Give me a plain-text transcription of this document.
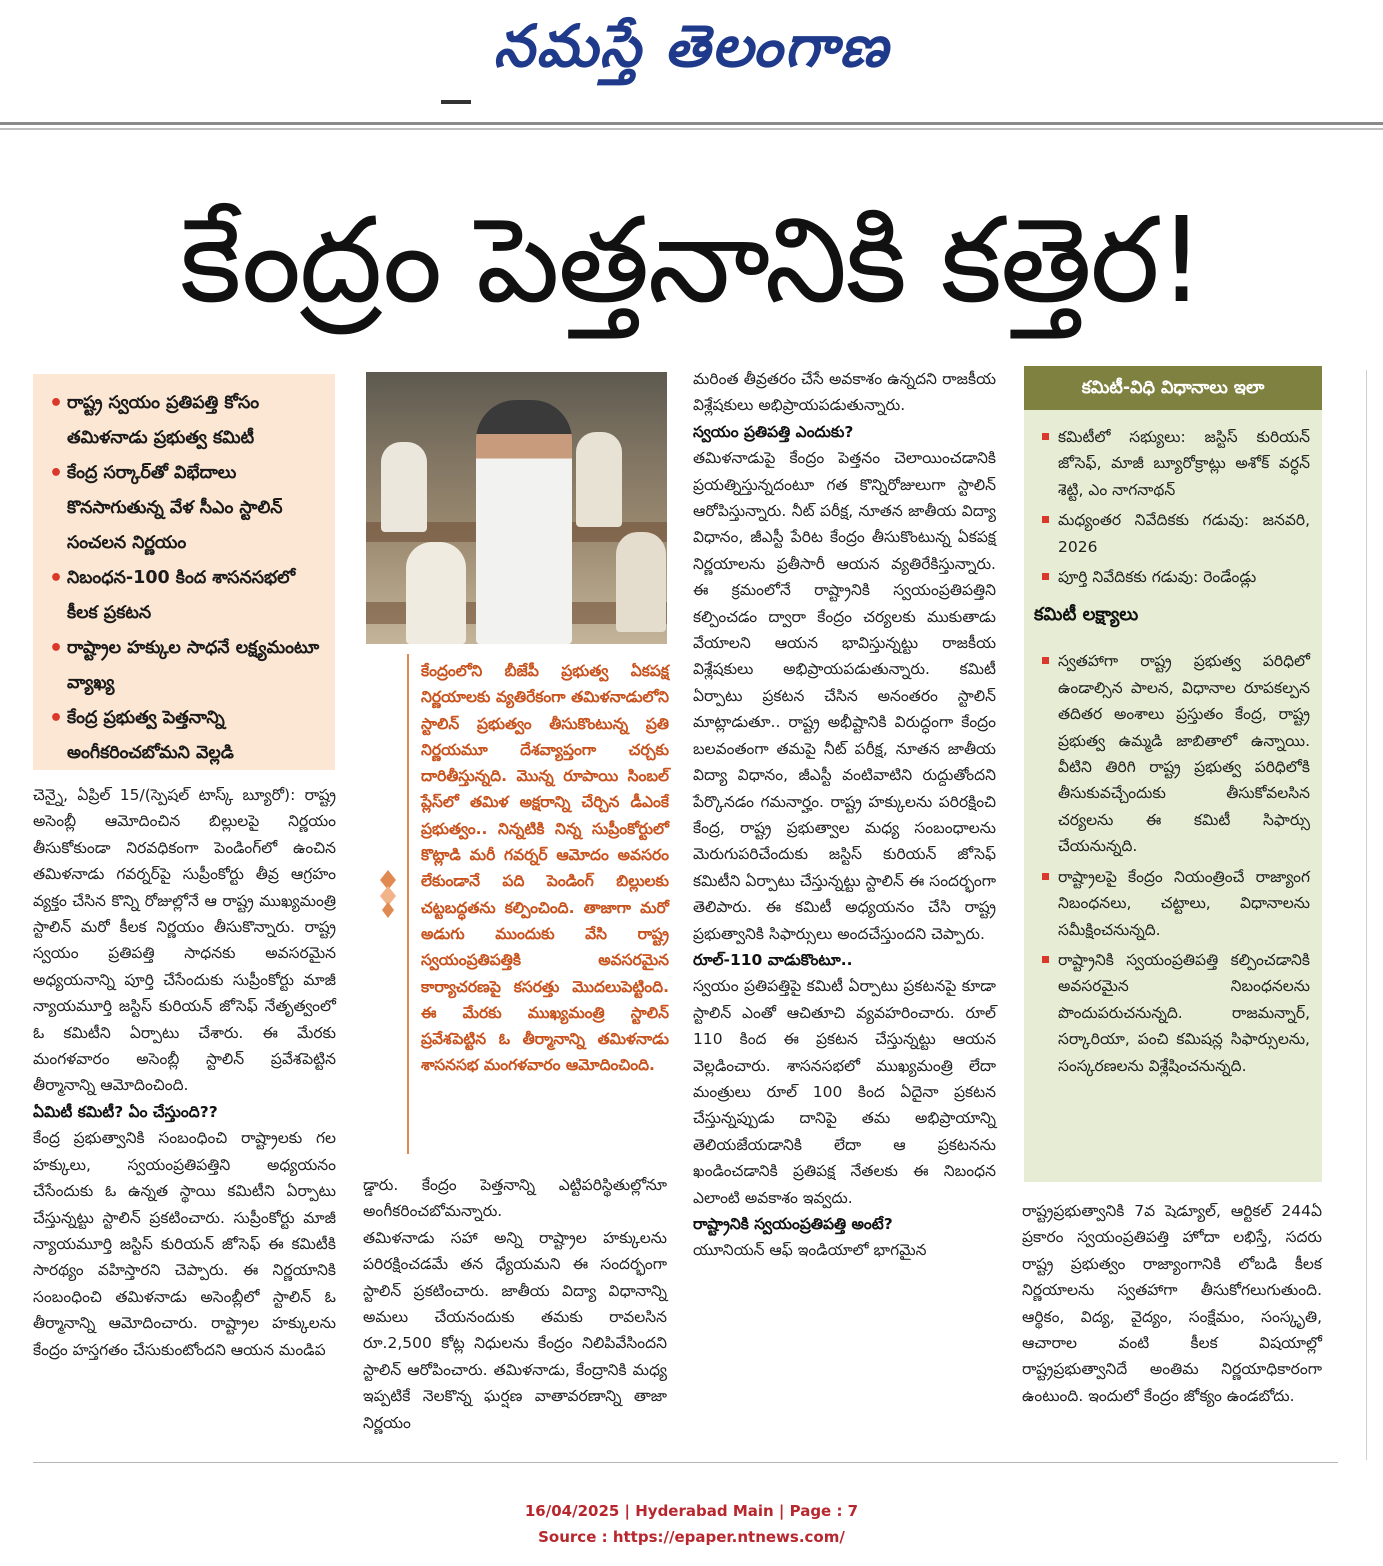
నమస్తే తెలంగాణ
కేంద్రం పెత్తనానికి కత్తెర!
• రాష్ట్ర స్వయం ప్రతిపత్తి కోసం తమిళనాడు ప్రభుత్వ కమిటీ
• కేంద్ర సర్కార్‌తో విభేదాలు కొనసాగుతున్న వేళ సీఎం స్టాలిన్ సంచలన నిర్ణయం
• నిబంధన-100 కింద శాసనసభలో కీలక ప్రకటన
• రాష్ట్రాల హక్కుల సాధనే లక్ష్యమంటూ వ్యాఖ్య
• కేంద్ర ప్రభుత్వ పెత్తనాన్ని అంగీకరించబోమని వెల్లడి

చెన్నై, ఏప్రిల్ 15/(స్పెషల్ టాస్క్ బ్యూరో): రాష్ట్ర అసెంబ్లీ ఆమోదించిన బిల్లులపై నిర్ణయం తీసుకోకుండా నిరవధికంగా పెండింగ్‌లో ఉంచిన తమిళనాడు గవర్నర్‌పై సుప్రీంకోర్టు తీవ్ర ఆగ్రహం వ్యక్తం చేసిన కొన్ని రోజుల్లోనే ఆ రాష్ట్ర ముఖ్యమంత్రి స్టాలిన్ మరో కీలక నిర్ణయం తీసుకొన్నారు. రాష్ట్ర స్వయం ప్రతిపత్తి సాధనకు అవసరమైన అధ్యయనాన్ని పూర్తి చేసేందుకు సుప్రీంకోర్టు మాజీ న్యాయమూర్తి జస్టిస్ కురియన్ జోసెఫ్ నేతృత్వంలో ఓ కమిటీని ఏర్పాటు చేశారు. ఈ మేరకు మంగళవారం అసెంబ్లీ స్టాలిన్ ప్రవేశపెట్టిన తీర్మానాన్ని ఆమోదించింది.

ఏమిటీ కమిటీ? ఏం చేస్తుంది??

కేంద్ర ప్రభుత్వానికి సంబంధించి రాష్ట్రాలకు గల హక్కులు, స్వయంప్రతిపత్తిని అధ్యయనం చేసేందుకు ఓ ఉన్నత స్థాయి కమిటీని ఏర్పాటు చేస్తున్నట్టు స్టాలిన్ ప్రకటించారు. సుప్రీంకోర్టు మాజీ న్యాయమూర్తి జస్టిస్ కురియన్ జోసెఫ్ ఈ కమిటీకి సారథ్యం వహిస్తారని చెప్పారు. ఈ నిర్ణయానికి సంబంధించి తమిళనాడు అసెంబ్లీలో స్టాలిన్ ఓ తీర్మానాన్ని ఆమోదించారు. రాష్ట్రాల హక్కులను కేంద్రం హస్తగతం చేసుకుంటోందని ఆయన మండిప

కేంద్రంలోని బీజేపీ ప్రభుత్వ ఏకపక్ష నిర్ణయాలకు వ్యతిరేకంగా తమిళనాడులోని స్టాలిన్ ప్రభుత్వం తీసుకొంటున్న ప్రతి నిర్ణయమూ దేశవ్యాప్తంగా చర్చకు దారితీస్తున్నది. మొన్న రూపాయి సింబల్ ప్లేస్‌లో తమిళ అక్షరాన్ని చేర్చిన డీఎంకే ప్రభుత్వం.. నిన్నటికి నిన్న సుప్రీంకోర్టులో కొట్లాడి మరీ గవర్నర్ ఆమోదం అవసరం లేకుండానే పది పెండింగ్ బిల్లులకు చట్టబద్ధతను కల్పించింది. తాజాగా మరో అడుగు ముందుకు వేసి రాష్ట్ర స్వయంప్రతిపత్తికి అవసరమైన కార్యాచరణపై కసరత్తు మొదలుపెట్టింది. ఈ మేరకు ముఖ్యమంత్రి స్టాలిన్ ప్రవేశపెట్టిన ఓ తీర్మానాన్ని తమిళనాడు శాసనసభ మంగళవారం ఆమోదించింది.

డ్డారు. కేంద్రం పెత్తనాన్ని ఎట్టిపరిస్థితుల్లోనూ అంగీకరించబోమన్నారు.

తమిళనాడు సహా అన్ని రాష్ట్రాల హక్కులను పరిరక్షించడమే తన ధ్యేయమని ఈ సందర్భంగా స్టాలిన్ ప్రకటించారు. జాతీయ విద్యా విధానాన్ని అమలు చేయనందుకు తమకు రావలసిన రూ.2,500 కోట్ల నిధులను కేంద్రం నిలిపివేసిందని స్టాలిన్ ఆరోపించారు. తమిళనాడు, కేంద్రానికి మధ్య ఇప్పటికే నెలకొన్న ఘర్షణ వాతావరణాన్ని తాజా నిర్ణయం

మరింత తీవ్రతరం చేసే అవకాశం ఉన్నదని రాజకీయ విశ్లేషకులు అభిప్రాయపడుతున్నారు.

స్వయం ప్రతిపత్తి ఎందుకు?

తమిళనాడుపై కేంద్రం పెత్తనం చెలాయించడానికి ప్రయత్నిస్తున్నదంటూ గత కొన్నిరోజులుగా స్టాలిన్ ఆరోపిస్తున్నారు. నీట్ పరీక్ష, నూతన జాతీయ విద్యా విధానం, జీఎస్టీ పేరిట కేంద్రం తీసుకొంటున్న ఏకపక్ష నిర్ణయాలను ప్రతీసారీ ఆయన వ్యతిరేకిస్తున్నారు. ఈ క్రమంలోనే రాష్ట్రానికి స్వయంప్రతిపత్తిని కల్పించడం ద్వారా కేంద్రం చర్యలకు ముకుతాడు వేయాలని ఆయన భావిస్తున్నట్టు రాజకీయ విశ్లేషకులు అభిప్రాయపడుతున్నారు. కమిటీ ఏర్పాటు ప్రకటన చేసిన అనంతరం స్టాలిన్ మాట్లాడుతూ.. రాష్ట్ర అభీష్టానికి విరుద్ధంగా కేంద్రం బలవంతంగా తమపై నీట్ పరీక్ష, నూతన జాతీయ విద్యా విధానం, జీఎస్టీ వంటివాటిని రుద్దుతోందని పేర్కొనడం గమనార్హం. రాష్ట్ర హక్కులను పరిరక్షించి కేంద్ర, రాష్ట్ర ప్రభుత్వాల మధ్య సంబంధాలను మెరుగుపరిచేందుకు జస్టిస్ కురియన్ జోసెఫ్ కమిటీని ఏర్పాటు చేస్తున్నట్టు స్టాలిన్ ఈ సందర్భంగా తెలిపారు. ఈ కమిటీ అధ్యయనం చేసి రాష్ట్ర ప్రభుత్వానికి సిఫార్సులు అందచేస్తుందని చెప్పారు.

రూల్-110 వాడుకొంటూ..

స్వయం ప్రతిపత్తిపై కమిటీ ఏర్పాటు ప్రకటనపై కూడా స్టాలిన్ ఎంతో ఆచితూచి వ్యవహరించారు. రూల్ 110 కింద ఈ ప్రకటన చేస్తున్నట్టు ఆయన వెల్లడించారు. శాసనసభలో ముఖ్యమంత్రి లేదా మంత్రులు రూల్ 100 కింద ఏదైనా ప్రకటన చేస్తున్నప్పుడు దానిపై తమ అభిప్రాయాన్ని తెలియజేయడానికి లేదా ఆ ప్రకటనను ఖండించడానికి ప్రతిపక్ష నేతలకు ఈ నిబంధన ఎలాంటి అవకాశం ఇవ్వదు.

రాష్ట్రానికి స్వయంప్రతిపత్తి అంటే?

యూనియన్ ఆఫ్ ఇండియాలో భాగమైన

కమిటీ-విధి విధానాలు ఇలా
కమిటీలో సభ్యులు: జస్టిస్ కురియన్ జోసెఫ్, మాజీ బ్యూరోక్రాట్లు అశోక్ వర్ధన్ శెట్టి, ఎం నాగనాథన్
మధ్యంతర నివేదికకు గడువు: జనవరి, 2026
పూర్తి నివేదికకు గడువు: రెండేండ్లు
కమిటీ లక్ష్యాలు
స్వతహాగా రాష్ట్ర ప్రభుత్వ పరిధిలో ఉండాల్సిన పాలన, విధానాల రూపకల్పన తదితర అంశాలు ప్రస్తుతం కేంద్ర, రాష్ట్ర ప్రభుత్వ ఉమ్మడి జాబితాలో ఉన్నాయి. వీటిని తిరిగి రాష్ట్ర ప్రభుత్వ పరిధిలోకి తీసుకువచ్చేందుకు తీసుకోవలసిన చర్యలను ఈ కమిటీ సిఫార్సు చేయనున్నది.
రాష్ట్రాలపై కేంద్రం నియంత్రించే రాజ్యాంగ నిబంధనలు, చట్టాలు, విధానాలను సమీక్షించనున్నది.
రాష్ట్రానికి స్వయంప్రతిపత్తి కల్పించడానికి అవసరమైన నిబంధనలను పొందుపరుచనున్నది. రాజమన్నార్, సర్కారియా, పంచి కమిషన్ల సిఫార్సులను, సంస్కరణలను విశ్లేషించనున్నది.

రాష్ట్రప్రభుత్వానికి 7వ షెడ్యూల్, ఆర్టికల్ 244ఏ ప్రకారం స్వయంప్రతిపత్తి హోదా లభిస్తే, సదరు రాష్ట్ర ప్రభుత్వం రాజ్యాంగానికి లోబడి కీలక నిర్ణయాలను స్వతహాగా తీసుకోగలుగుతుంది. ఆర్థికం, విద్య, వైద్యం, సంక్షేమం, సంస్కృతి, ఆచారాల వంటి కీలక విషయాల్లో రాష్ట్రప్రభుత్వానిదే అంతిమ నిర్ణయాధికారంగా ఉంటుంది. ఇందులో కేంద్రం జోక్యం ఉండబోదు.

16/04/2025 | Hyderabad Main | Page : 7
Source : https://epaper.ntnews.com/
